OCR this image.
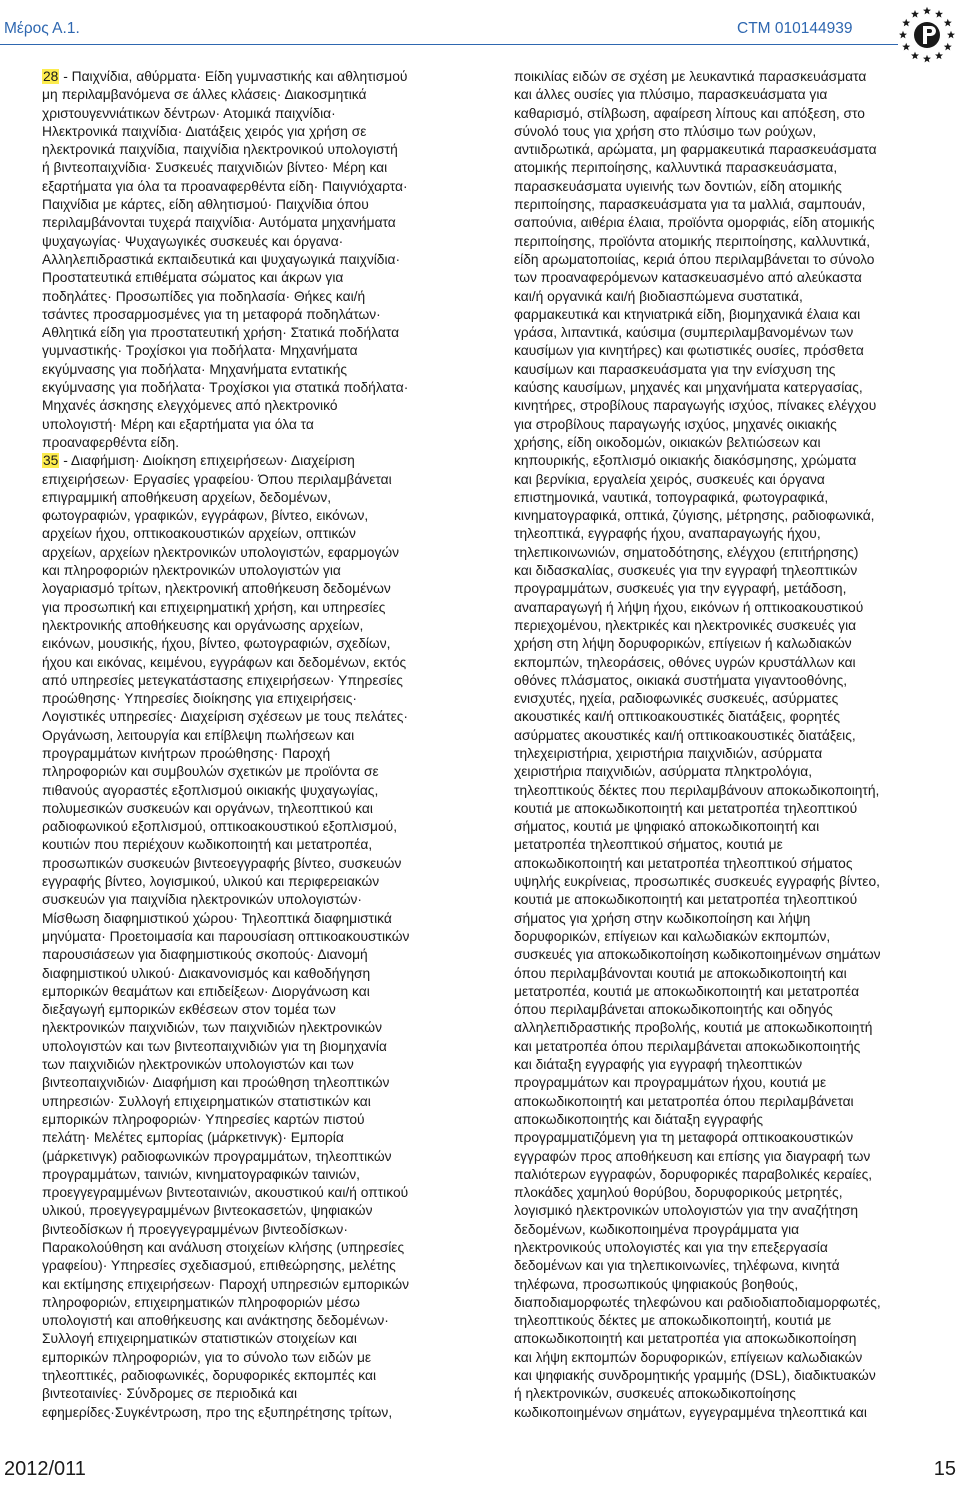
Μέρος Α.1.	CTM 010144939
28 - Παιχνίδια, αθύρματα· Είδη γυμναστικής και αθλητισμού
μη περιλαμβανόμενα σε άλλες κλάσεις· Διακοσμητικά
χριστουγεννιάτικων δέντρων· Ατομικά παιχνίδια·
Ηλεκτρονικά παιχνίδια· Διατάξεις χειρός για χρήση σε
ηλεκτρονικά παιχνίδια, παιχνίδια ηλεκτρονικού υπολογιστή
ή βιντεοπαιχνίδια· Συσκευές παιχνιδιών βίντεο· Μέρη και
εξαρτήματα για όλα τα προαναφερθέντα είδη· Παιγνιόχαρτα·
Παιχνίδια με κάρτες, είδη αθλητισμού· Παιχνίδια όπου
περιλαμβάνονται τυχερά παιχνίδια· Αυτόματα μηχανήματα
ψυχαγωγίας· Ψυχαγωγικές συσκευές και όργανα·
Αλληλεπιδραστικά εκπαιδευτικά και ψυχαγωγικά παιχνίδια·
Προστατευτικά επιθέματα σώματος και άκρων για
ποδηλάτες· Προσωπίδες για ποδηλασία· Θήκες και/ή
τσάντες προσαρμοσμένες για τη μεταφορά ποδηλάτων·
Αθλητικά είδη για προστατευτική χρήση· Στατικά ποδήλατα
γυμναστικής· Τροχίσκοι για ποδήλατα· Μηχανήματα
εκγύμνασης για ποδήλατα· Μηχανήματα εντατικής
εκγύμνασης για ποδήλατα· Τροχίσκοι για στατικά ποδήλατα·
Μηχανές άσκησης ελεγχόμενες από ηλεκτρονικό
υπολογιστή· Μέρη και εξαρτήματα για όλα τα
προαναφερθέντα είδη.
35 - Διαφήμιση· Διοίκηση επιχειρήσεων· Διαχείριση
επιχειρήσεων· Εργασίες γραφείου· Όπου περιλαμβάνεται
επιγραμμική αποθήκευση αρχείων, δεδομένων,
φωτογραφιών, γραφικών, εγγράφων, βίντεο, εικόνων,
αρχείων ήχου, οπτικοακουστικών αρχείων, οπτικών
αρχείων, αρχείων ηλεκτρονικών υπολογιστών, εφαρμογών
και πληροφοριών ηλεκτρονικών υπολογιστών για
λογαριασμό τρίτων, ηλεκτρονική αποθήκευση δεδομένων
για προσωπική και επιχειρηματική χρήση, και υπηρεσίες
ηλεκτρονικής αποθήκευσης και οργάνωσης αρχείων,
εικόνων, μουσικής, ήχου, βίντεο, φωτογραφιών, σχεδίων,
ήχου και εικόνας, κειμένου, εγγράφων και δεδομένων, εκτός
από υπηρεσίες μετεγκατάστασης επιχειρήσεων· Υπηρεσίες
προώθησης· Υπηρεσίες διοίκησης για επιχειρήσεις·
Λογιστικές υπηρεσίες· Διαχείριση σχέσεων με τους πελάτες·
Οργάνωση, λειτουργία και επίβλεψη πωλήσεων και
προγραμμάτων κινήτρων προώθησης· Παροχή
πληροφοριών και συμβουλών σχετικών με προϊόντα σε
πιθανούς αγοραστές εξοπλισμού οικιακής ψυχαγωγίας,
πολυμεσικών συσκευών και οργάνων, τηλεοπτικού και
ραδιοφωνικού εξοπλισμού, οπτικοακουστικού εξοπλισμού,
κουτιών που περιέχουν κωδικοποιητή και μετατροπέα,
προσωπικών συσκευών βιντεοεγγραφής βίντεο, συσκευών
εγγραφής βίντεο, λογισμικού, υλικού και περιφερειακών
συσκευών για παιχνίδια ηλεκτρονικών υπολογιστών·
Μίσθωση διαφημιστικού χώρου· Τηλεοπτικά διαφημιστικά
μηνύματα· Προετοιμασία και παρουσίαση οπτικοακουστικών
παρουσιάσεων για διαφημιστικούς σκοπούς· Διανομή
διαφημιστικού υλικού· Διακανονισμός και καθοδήγηση
εμπορικών θεαμάτων και επιδείξεων· Διοργάνωση και
διεξαγωγή εμπορικών εκθέσεων στον τομέα των
ηλεκτρονικών παιχνιδιών, των παιχνιδιών ηλεκτρονικών
υπολογιστών και των βιντεοπαιχνιδιών για τη βιομηχανία
των παιχνιδιών ηλεκτρονικών υπολογιστών και των
βιντεοπαιχνιδιών· Διαφήμιση και προώθηση τηλεοπτικών
υπηρεσιών· Συλλογή επιχειρηματικών στατιστικών και
εμπορικών πληροφοριών· Υπηρεσίες καρτών πιστού
πελάτη· Μελέτες εμπορίας (μάρκετινγκ)· Εμπορία
(μάρκετινγκ) ραδιοφωνικών προγραμμάτων, τηλεοπτικών
προγραμμάτων, ταινιών, κινηματογραφικών ταινιών,
προεγγεγραμμένων βιντεοταινιών, ακουστικού και/ή οπτικού
υλικού, προεγγεγραμμένων βιντεοκασετών, ψηφιακών
βιντεοδίσκων ή προεγγεγραμμένων βιντεοδίσκων·
Παρακολούθηση και ανάλυση στοιχείων κλήσης (υπηρεσίες
γραφείου)· Υπηρεσίες σχεδιασμού, επιθεώρησης, μελέτης
και εκτίμησης επιχειρήσεων· Παροχή υπηρεσιών εμπορικών
πληροφοριών, επιχειρηματικών πληροφοριών μέσω
υπολογιστή και αποθήκευσης και ανάκτησης δεδομένων·
Συλλογή επιχειρηματικών στατιστικών στοιχείων και
εμπορικών πληροφοριών, για το σύνολο των ειδών με
τηλεοπτικές, ραδιοφωνικές, δορυφορικές εκπομπές και
βιντεοταινίες· Σύνδρομες σε περιοδικά και
εφημερίδες·Συγκέντρωση, προ της εξυπηρέτησης τρίτων,
ποικιλίας ειδών σε σχέση με λευκαντικά παρασκευάσματα
και άλλες ουσίες για πλύσιμο, παρασκευάσματα για
καθαρισμό, στίλβωση, αφαίρεση λίπους και απόξεση, στο
σύνολό τους για χρήση στο πλύσιμο των ρούχων,
αντιιδρωτικά, αρώματα, μη φαρμακευτικά παρασκευάσματα
ατομικής περιποίησης, καλλυντικά παρασκευάσματα,
παρασκευάσματα υγιεινής των δοντιών, είδη ατομικής
περιποίησης, παρασκευάσματα για τα μαλλιά, σαμπουάν,
σαπούνια, αιθέρια έλαια, προϊόντα ομορφιάς, είδη ατομικής
περιποίησης, προϊόντα ατομικής περιποίησης, καλλυντικά,
είδη αρωματοποιίας, κεριά όπου περιλαμβάνεται το σύνολο
των προαναφερόμενων κατασκευασμένο από αλεύκαστα
και/ή οργανικά και/ή βιοδιασπώμενα συστατικά,
φαρμακευτικά και κτηνιατρικά είδη, βιομηχανικά έλαια και
γράσα, λιπαντικά, καύσιμα (συμπεριλαμβανομένων των
καυσίμων για κινητήρες) και φωτιστικές ουσίες, πρόσθετα
καυσίμων και παρασκευάσματα για την ενίσχυση της
καύσης καυσίμων, μηχανές και μηχανήματα κατεργασίας,
κινητήρες, στροβίλους παραγωγής ισχύος, πίνακες ελέγχου
για στροβίλους παραγωγής ισχύος, μηχανές οικιακής
χρήσης, είδη οικοδομών, οικιακών βελτιώσεων και
κηπουρικής, εξοπλισμό οικιακής διακόσμησης, χρώματα
και βερνίκια, εργαλεία χειρός, συσκευές και όργανα
επιστημονικά, ναυτικά, τοπογραφικά, φωτογραφικά,
κινηματογραφικά, οπτικά, ζύγισης, μέτρησης, ραδιοφωνικά,
τηλεοπτικά, εγγραφής ήχου, αναπαραγωγής ήχου,
τηλεπικοινωνιών, σηματοδότησης, ελέγχου (επιτήρησης)
και διδασκαλίας, συσκευές για την εγγραφή τηλεοπτικών
προγραμμάτων, συσκευές για την εγγραφή, μετάδοση,
αναπαραγωγή ή λήψη ήχου, εικόνων ή οπτικοακουστικού
περιεχομένου, ηλεκτρικές και ηλεκτρονικές συσκευές για
χρήση στη λήψη δορυφορικών, επίγειων ή καλωδιακών
εκπομπών, τηλεοράσεις, οθόνες υγρών κρυστάλλων και
οθόνες πλάσματος, οικιακά συστήματα γιγαντοοθόνης,
ενισχυτές, ηχεία, ραδιοφωνικές συσκευές, ασύρματες
ακουστικές και/ή οπτικοακουστικές διατάξεις, φορητές
ασύρματες ακουστικές και/ή οπτικοακουστικές διατάξεις,
τηλεχειριστήρια, χειριστήρια παιχνιδιών, ασύρματα
χειριστήρια παιχνιδιών, ασύρματα πληκτρολόγια,
τηλεοπτικούς δέκτες που περιλαμβάνουν αποκωδικοποιητή,
κουτιά με αποκωδικοποιητή και μετατροπέα τηλεοπτικού
σήματος, κουτιά με ψηφιακό αποκωδικοποιητή και
μετατροπέα τηλεοπτικού σήματος, κουτιά με
αποκωδικοποιητή και μετατροπέα τηλεοπτικού σήματος
υψηλής ευκρίνειας, προσωπικές συσκευές εγγραφής βίντεο,
κουτιά με αποκωδικοποιητή και μετατροπέα τηλεοπτικού
σήματος για χρήση στην κωδικοποίηση και λήψη
δορυφορικών, επίγειων και καλωδιακών εκπομπών,
συσκευές για αποκωδικοποίηση κωδικοποιημένων σημάτων
όπου περιλαμβάνονται κουτιά με αποκωδικοποιητή και
μετατροπέα, κουτιά με αποκωδικοποιητή και μετατροπέα
όπου περιλαμβάνεται αποκωδικοποιητής και οδηγός
αλληλεπιδραστικής προβολής, κουτιά με αποκωδικοποιητή
και μετατροπέα όπου περιλαμβάνεται αποκωδικοποιητής
και διάταξη εγγραφής για εγγραφή τηλεοπτικών
προγραμμάτων και προγραμμάτων ήχου, κουτιά με
αποκωδικοποιητή και μετατροπέα όπου περιλαμβάνεται
αποκωδικοποιητής και διάταξη εγγραφής
προγραμματιζόμενη για τη μεταφορά οπτικοακουστικών
εγγραφών προς αποθήκευση και επίσης για διαγραφή των
παλιότερων εγγραφών, δορυφορικές παραβολικές κεραίες,
πλοκάδες χαμηλού θορύβου, δορυφορικούς μετρητές,
λογισμικό ηλεκτρονικών υπολογιστών για την αναζήτηση
δεδομένων, κωδικοποιημένα προγράμματα για
ηλεκτρονικούς υπολογιστές και για την επεξεργασία
δεδομένων και για τηλεπικοινωνίες, τηλέφωνα, κινητά
τηλέφωνα, προσωπικούς ψηφιακούς βοηθούς,
διαποδιαμορφωτές τηλεφώνου και ραδιοδιαποδιαμορφωτές,
τηλεοπτικούς δέκτες με αποκωδικοποιητή, κουτιά με
αποκωδικοποιητή και μετατροπέα για αποκωδικοποίηση
και λήψη εκπομπών δορυφορικών, επίγειων καλωδιακών
και ψηφιακής συνδρομητικής γραμμής (DSL), διαδικτυακών
ή ηλεκτρονικών, συσκευές αποκωδικοποίησης
κωδικοποιημένων σημάτων, εγγεγραμμένα τηλεοπτικά και
2012/011	15
